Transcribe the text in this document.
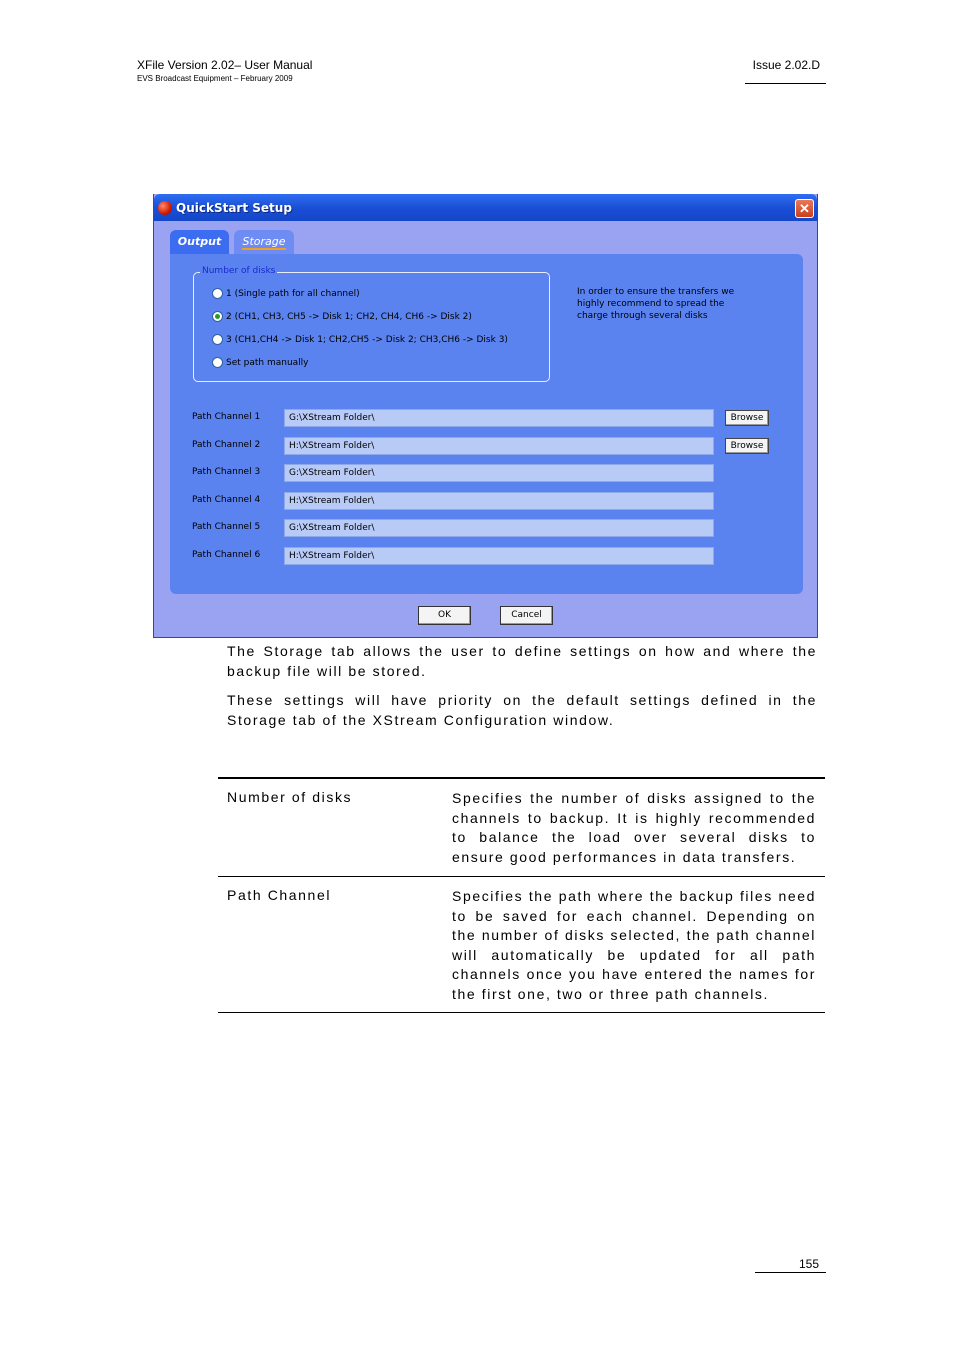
XFile Version 2.02– User Manual
EVS Broadcast Equipment – February 2009
Issue 2.02.D
QuickStart Setup	✕
Output	Storage
Number of disks
1 (Single path for all channel)
2 (CH1, CH3, CH5 -> Disk 1; CH2, CH4, CH6 -> Disk 2)
3 (CH1,CH4 -> Disk 1; CH2,CH5 -> Disk 2; CH3,CH6 -> Disk 3)
Set path manually
In order to ensure the transfers we highly recommend to spread the charge through several disks
Path Channel 1	G:\XStream Folder\	Browse
Path Channel 2	H:\XStream Folder\	Browse
Path Channel 3	G:\XStream Folder\
Path Channel 4	H:\XStream Folder\
Path Channel 5	G:\XStream Folder\
Path Channel 6	H:\XStream Folder\
OK	Cancel

The Storage tab allows the user to define settings on how and where the backup file will be stored.

These settings will have priority on the default settings defined in the Storage tab of the XStream Configuration window.

Number of disks	Specifies the number of disks assigned to the channels to backup. It is highly recommended to balance the load over several disks to ensure good performances in data transfers.
Path Channel	Specifies the path where the backup files need to be saved for each channel. Depending on the number of disks selected, the path channel will automatically be updated for all path channels once you have entered the names for the first one, two or three path channels.
155
